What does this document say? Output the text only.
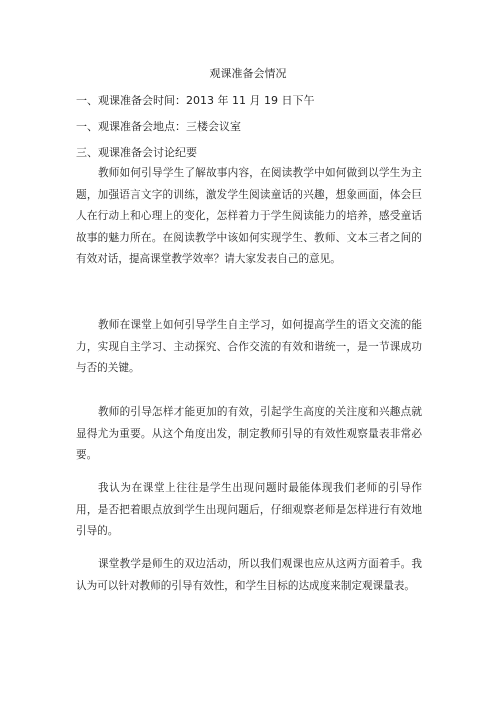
观课准备会情况
一、观课准备会时间：2013 年 11 月 19 日下午
一、观课准备会地点：三楼会议室
三、观课准备会讨论纪要

教师如何引导学生了解故事内容，在阅读教学中如何做到以学生为主题，加强语言文字的训练，激发学生阅读童话的兴趣，想象画面，体会巨人在行动上和心理上的变化，怎样着力于学生阅读能力的培养，感受童话故事的魅力所在。在阅读教学中该如何实现学生、教师、文本三者之间的有效对话，提高课堂教学效率？请大家发表自己的意见。

教师在课堂上如何引导学生自主学习，如何提高学生的语文交流的能力，实现自主学习、主动探究、合作交流的有效和谐统一，是一节课成功与否的关键。

教师的引导怎样才能更加的有效，引起学生高度的关注度和兴趣点就显得尤为重要。从这个角度出发，制定教师引导的有效性观察量表非常必要。

我认为在课堂上往往是学生出现问题时最能体现我们老师的引导作用，是否把着眼点放到学生出现问题后，仔细观察老师是怎样进行有效地引导的。

课堂教学是师生的双边活动，所以我们观课也应从这两方面着手。我认为可以针对教师的引导有效性，和学生目标的达成度来制定观课量表。
